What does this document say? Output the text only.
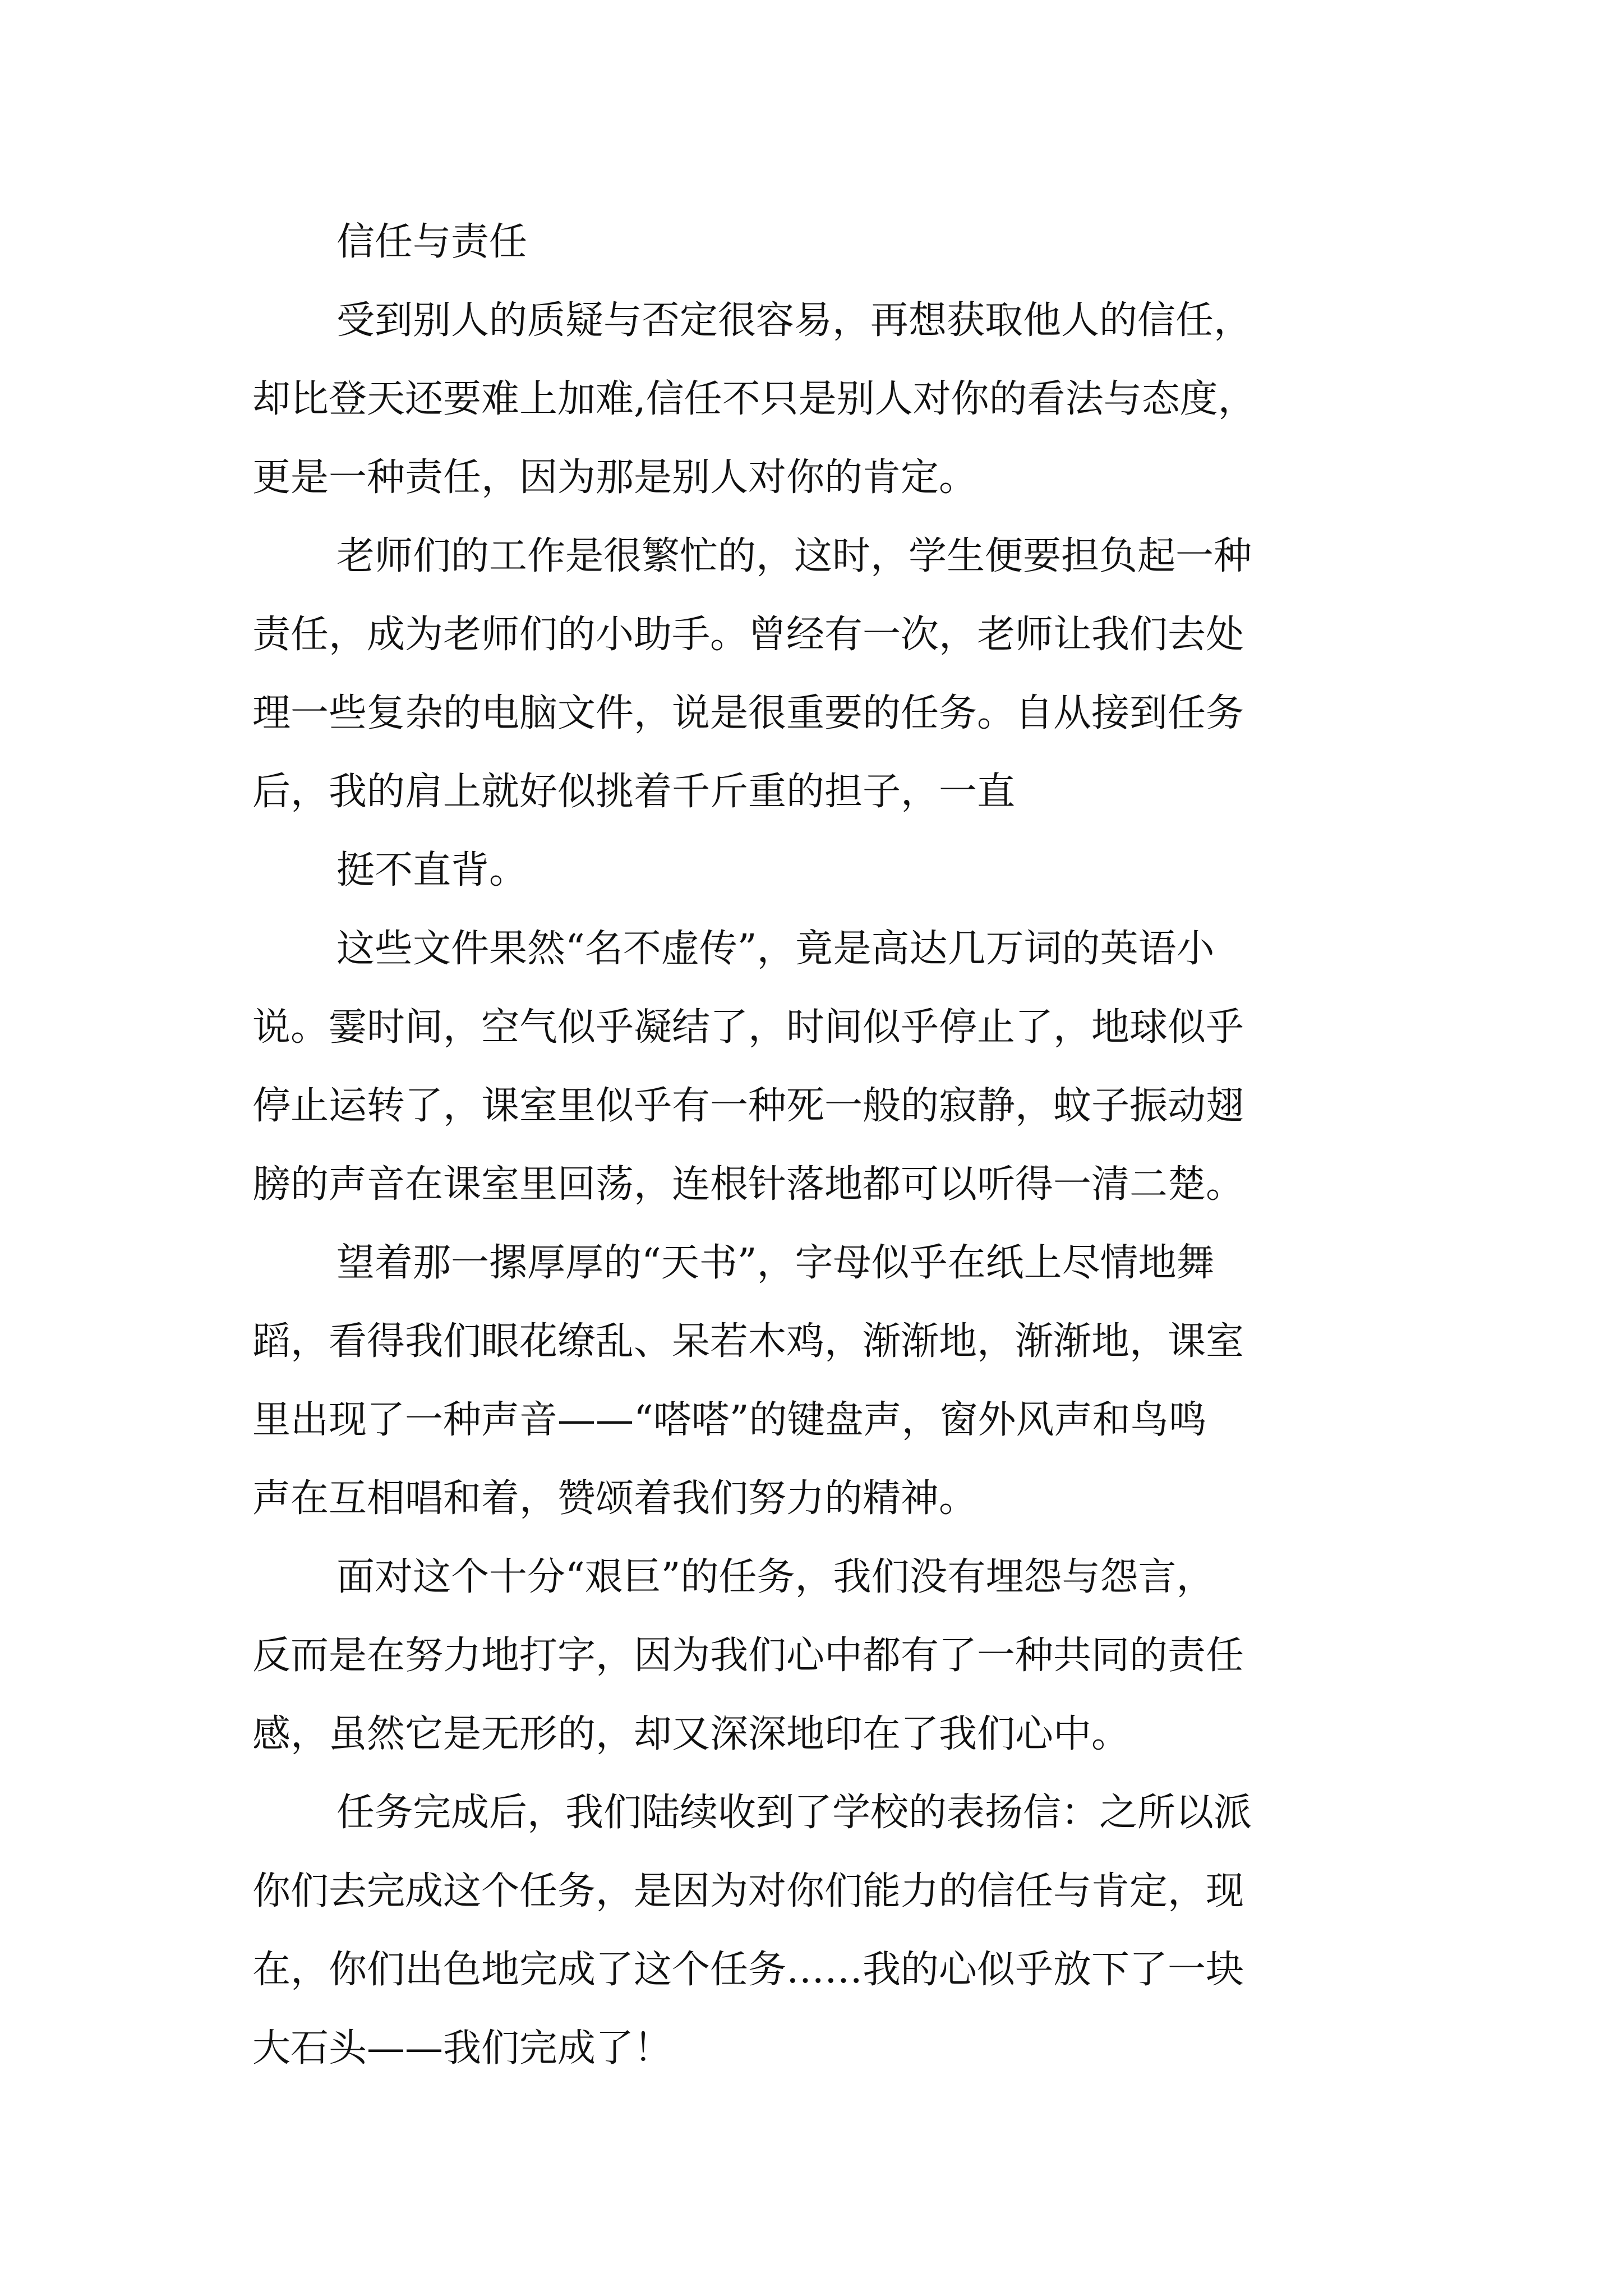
信任与责任

受到别人的质疑与否定很容易，再想获取他人的信任，

却比登天还要难上加难,信任不只是别人对你的看法与态度，

更是一种责任，因为那是别人对你的肯定。

老师们的工作是很繁忙的，这时，学生便要担负起一种

责任，成为老师们的小助手。曾经有一次，老师让我们去处

理一些复杂的电脑文件，说是很重要的任务。自从接到任务

后，我的肩上就好似挑着千斤重的担子，一直

挺不直背。

这些文件果然“名不虚传”，竟是高达几万词的英语小

说。霎时间，空气似乎凝结了，时间似乎停止了，地球似乎

停止运转了，课室里似乎有一种死一般的寂静，蚊子振动翅

膀的声音在课室里回荡，连根针落地都可以听得一清二楚。

望着那一摞厚厚的“天书”，字母似乎在纸上尽情地舞

蹈，看得我们眼花缭乱、呆若木鸡，渐渐地，渐渐地，课室

里出现了一种声音——“嗒嗒”的键盘声，窗外风声和鸟鸣

声在互相唱和着，赞颂着我们努力的精神。

面对这个十分“艰巨”的任务，我们没有埋怨与怨言，

反而是在努力地打字，因为我们心中都有了一种共同的责任

感，虽然它是无形的，却又深深地印在了我们心中。

任务完成后，我们陆续收到了学校的表扬信：之所以派

你们去完成这个任务，是因为对你们能力的信任与肯定，现

在，你们出色地完成了这个任务……我的心似乎放下了一块

大石头——我们完成了！
